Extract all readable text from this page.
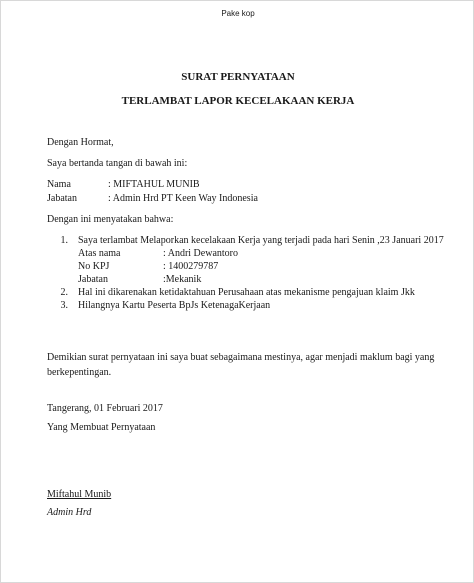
Pake kop
SURAT PERNYATAAN
TERLAMBAT LAPOR KECELAKAAN KERJA
Dengan Hormat,
Saya bertanda tangan di bawah ini:
Nama	: MIFTAHUL MUNIB
Jabatan	: Admin Hrd PT Keen Way Indonesia
Dengan ini menyatakan bahwa:
1. Saya terlambat Melaporkan kecelakaan Kerja yang terjadi pada hari Senin ,23 Januari 2017
Atas nama	: Andri Dewantoro
No KPJ	: 1400279787
Jabatan	:Mekanik
2. Hal ini dikarenakan ketidaktahuan Perusahaan atas mekanisme pengajuan klaim Jkk
3. Hilangnya Kartu Peserta BpJs KetenagaKerjaan
Demikian surat pernyataan ini saya buat sebagaimana mestinya, agar menjadi maklum bagi yang berkepentingan.
Tangerang, 01 Februari 2017
Yang Membuat Pernyataan
Miftahul Munib
Admin Hrd
